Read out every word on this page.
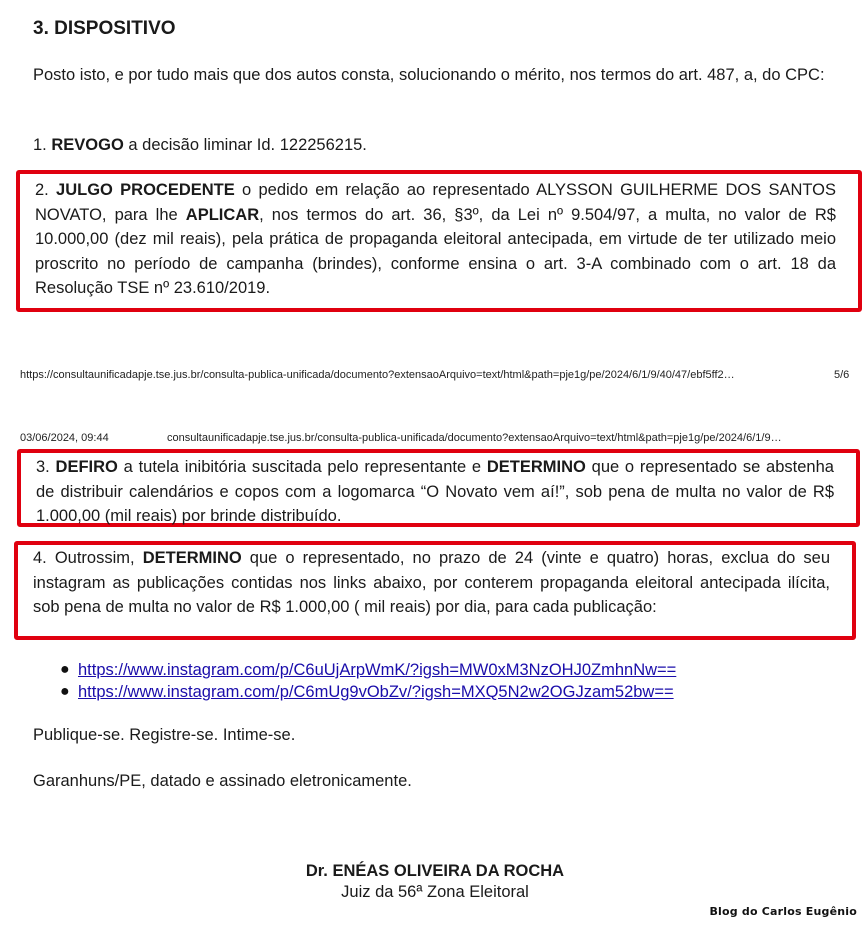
3. DISPOSITIVO
Posto isto, e por tudo mais que dos autos consta, solucionando o mérito, nos termos do art. 487, a, do CPC:
1. REVOGO a decisão liminar Id. 122256215.
2. JULGO PROCEDENTE o pedido em relação ao representado ALYSSON GUILHERME DOS SANTOS NOVATO, para lhe APLICAR, nos termos do art. 36, §3º, da Lei nº 9.504/97, a multa, no valor de R$ 10.000,00 (dez mil reais), pela prática de propaganda eleitoral antecipada, em virtude de ter utilizado meio proscrito no período de campanha (brindes), conforme ensina o art. 3-A combinado com o art. 18 da Resolução TSE nº 23.610/2019.
https://consultaunificadapje.tse.jus.br/consulta-publica-unificada/documento?extensaoArquivo=text/html&path=pje1g/pe/2024/6/1/9/40/47/ebf5ff2…	5/6
03/06/2024, 09:44	consultaunificadapje.tse.jus.br/consulta-publica-unificada/documento?extensaoArquivo=text/html&path=pje1g/pe/2024/6/1/9…
3. DEFIRO a tutela inibitória suscitada pelo representante e DETERMINO que o representado se abstenha de distribuir calendários e copos com a logomarca “O Novato vem aí!”, sob pena de multa no valor de R$ 1.000,00 (mil reais) por brinde distribuído.
4. Outrossim, DETERMINO que o representado, no prazo de 24 (vinte e quatro) horas, exclua do seu instagram as publicações contidas nos links abaixo, por conterem propaganda eleitoral antecipada ilícita, sob pena de multa no valor de R$ 1.000,00 ( mil reais) por dia, para cada publicação:
● https://www.instagram.com/p/C6uUjArpWmK/?igsh=MW0xM3NzOHJ0ZmhnNw==
● https://www.instagram.com/p/C6mUg9vObZv/?igsh=MXQ5N2w2OGJzam52bw==
Publique-se. Registre-se. Intime-se.
Garanhuns/PE, datado e assinado eletronicamente.
Dr. ENÉAS OLIVEIRA DA ROCHA
Juiz da 56ª Zona Eleitoral
Blog do Carlos Eugênio
